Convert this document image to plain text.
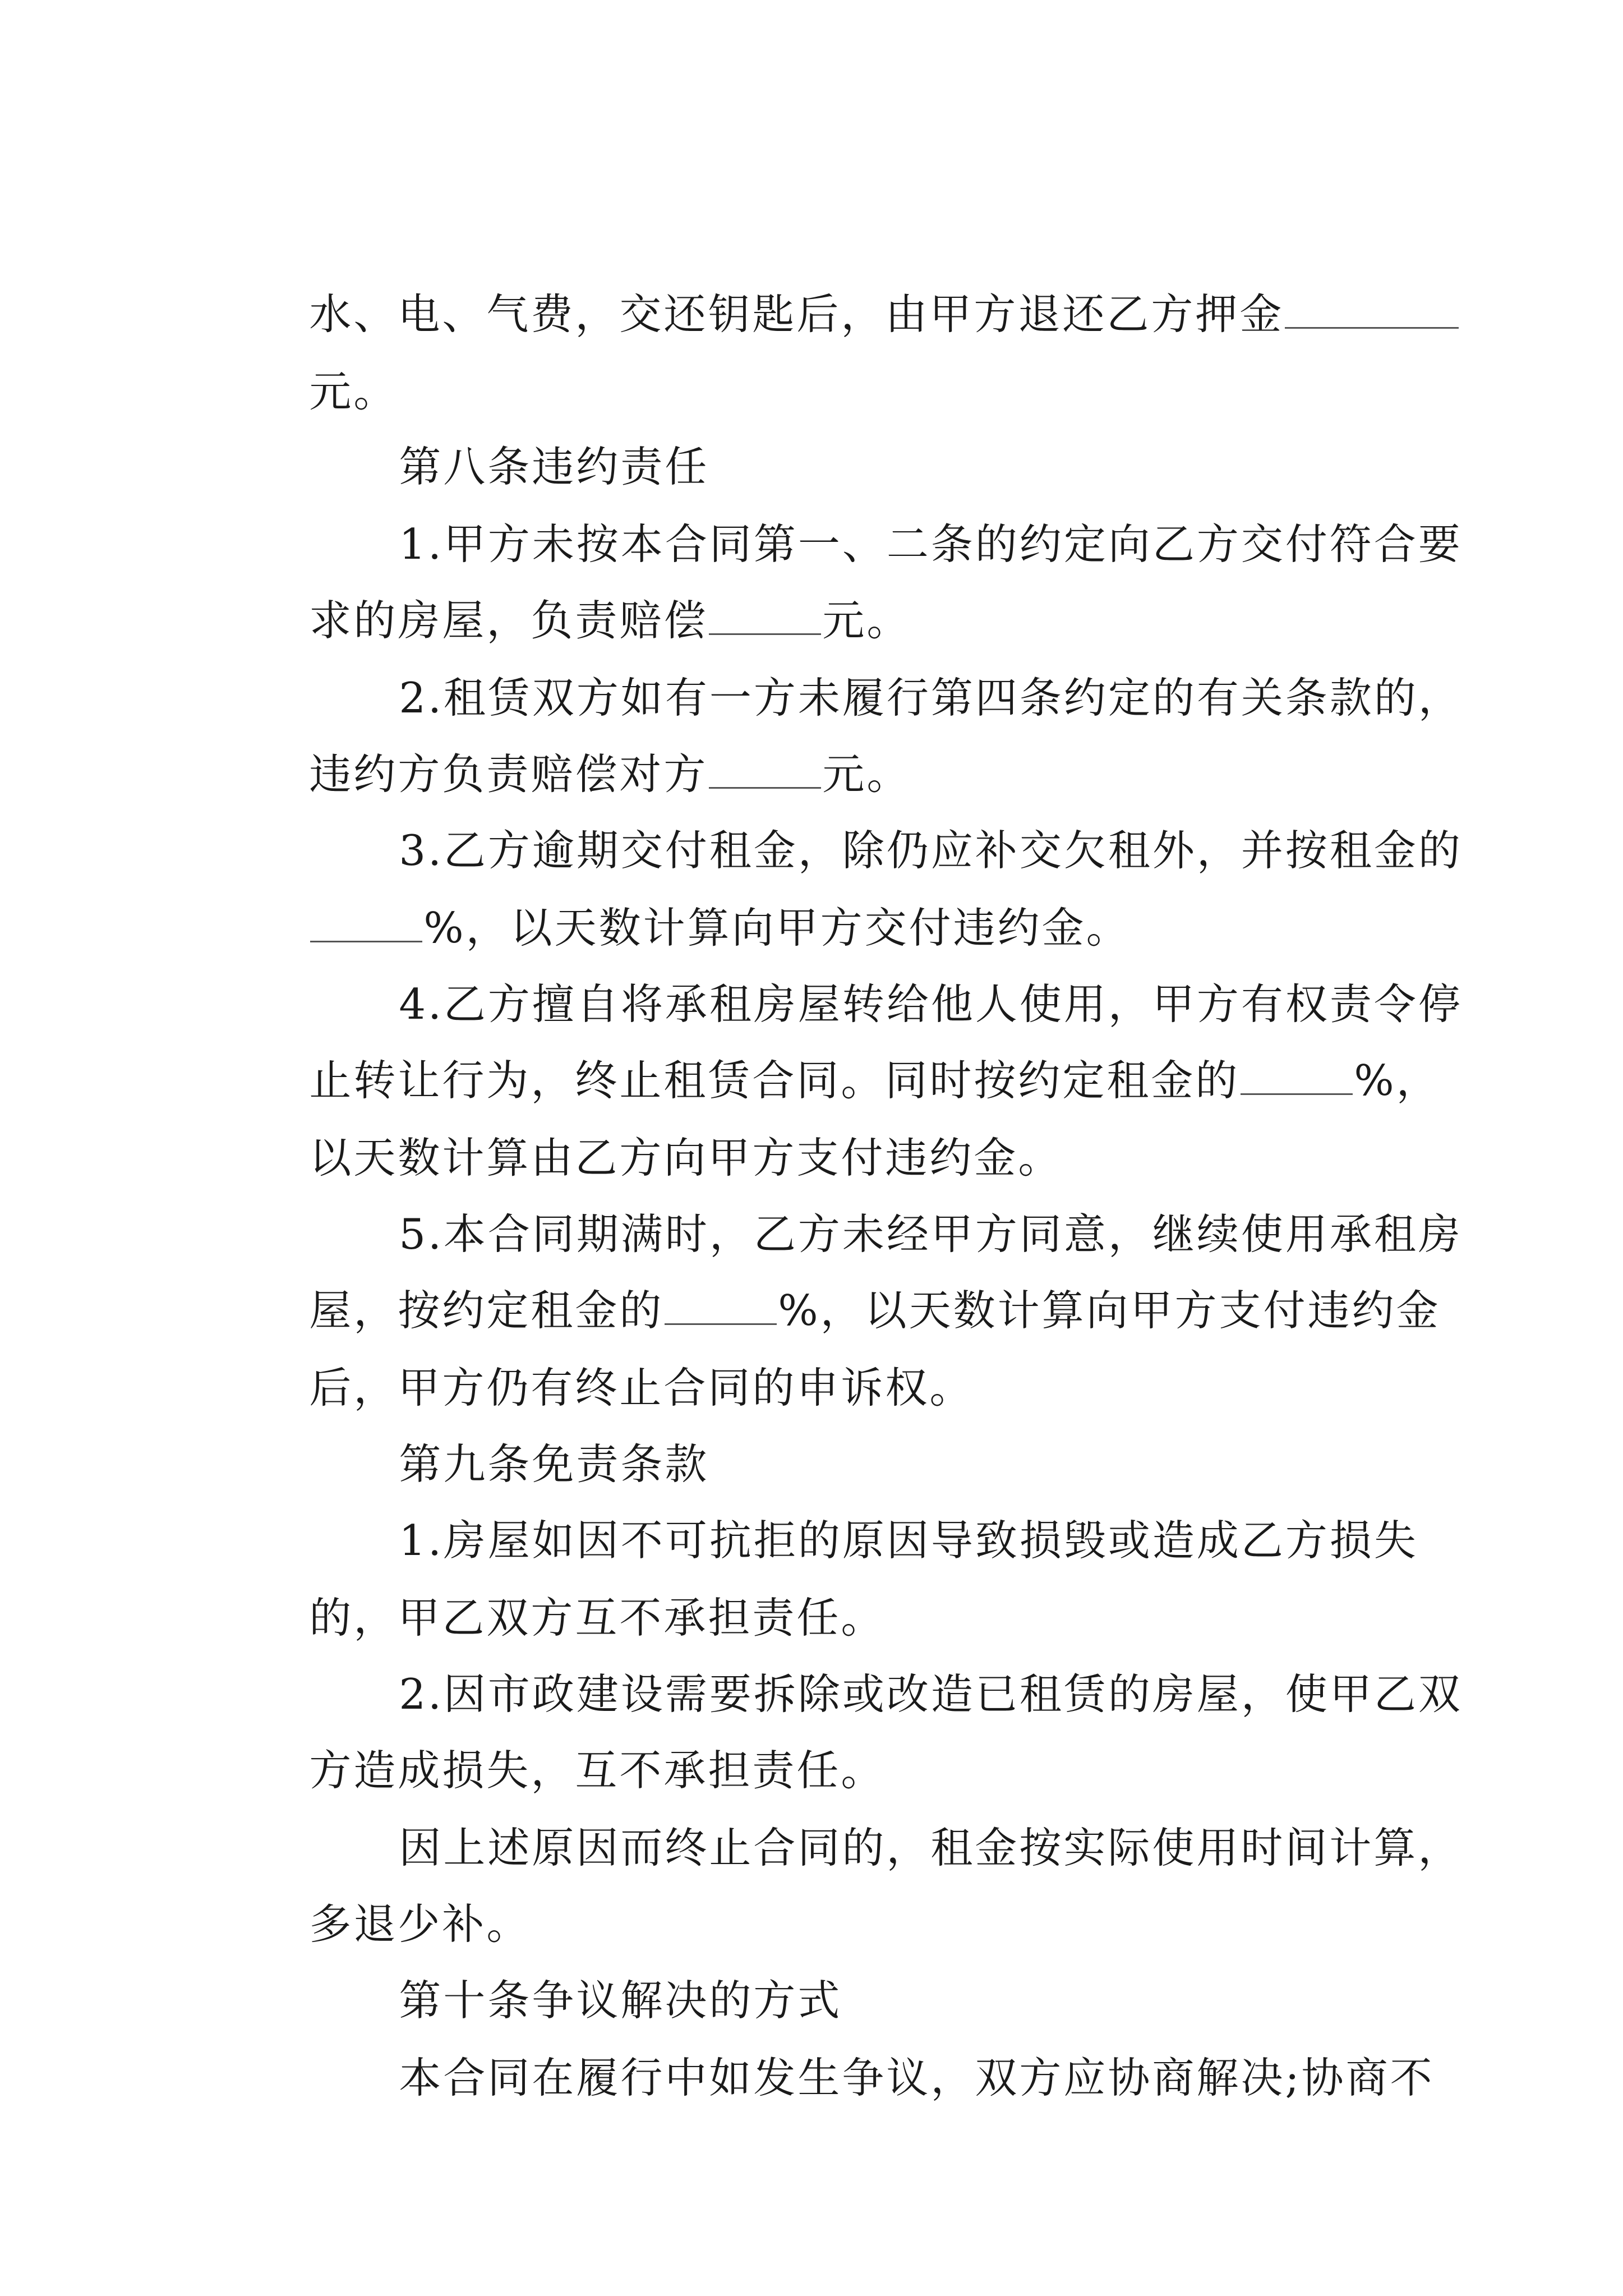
水、电、气费，交还钥匙后，由甲方退还乙方押金

元。

第八条违约责任

1.甲方未按本合同第一、二条的约定向乙方交付符合要

求的房屋，负责赔偿	元。

2.租赁双方如有一方未履行第四条约定的有关条款的，

违约方负责赔偿对方	元。

3.乙方逾期交付租金，除仍应补交欠租外，并按租金的

%，以天数计算向甲方交付违约金。

4.乙方擅自将承租房屋转给他人使用，甲方有权责令停

止转让行为，终止租赁合同。同时按约定租金的	%，

以天数计算由乙方向甲方支付违约金。

5.本合同期满时，乙方未经甲方同意，继续使用承租房

屋，按约定租金的	%，以天数计算向甲方支付违约金

后，甲方仍有终止合同的申诉权。

第九条免责条款

1.房屋如因不可抗拒的原因导致损毁或造成乙方损失

的，甲乙双方互不承担责任。

2.因市政建设需要拆除或改造已租赁的房屋，使甲乙双

方造成损失，互不承担责任。

因上述原因而终止合同的，租金按实际使用时间计算，

多退少补。

第十条争议解决的方式

本合同在履行中如发生争议，双方应协商解决;协商不
